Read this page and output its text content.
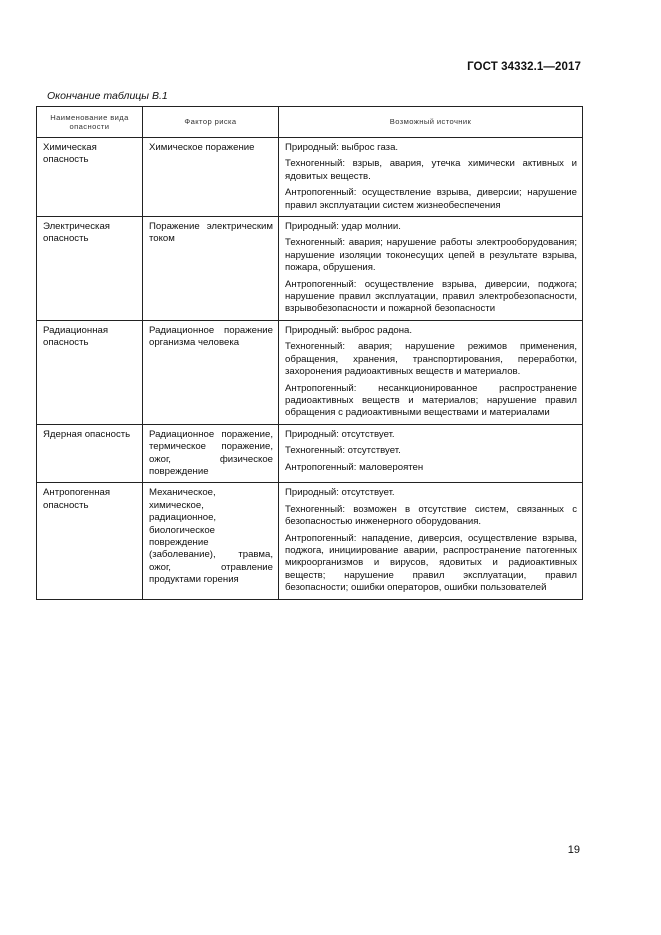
ГОСТ 34332.1—2017
Окончание таблицы В.1
Наименование вида опасности	Фактор риска	Возможный источник
Химическая опасность	Химическое поражение	Природный: выброс газа.

Техногенный: взрыв, авария, утечка химически активных и ядовитых веществ.

Антропогенный: осуществление взрыва, диверсии; нарушение правил эксплуатации систем жизнеобеспечения

Электрическая опасность	Поражение электрическим током	Природный: удар молнии.

Техногенный: авария; нарушение работы электрооборудования; нарушение изоляции токонесущих цепей в результате взрыва, пожара, обрушения.

Антропогенный: осуществление взрыва, диверсии, поджога; нарушение правил эксплуатации, правил электробезопасности, взрывобезопасности и пожарной безопасности

Радиационная опасность	Радиационное поражение организма человека	Природный: выброс радона.

Техногенный: авария; нарушение режимов применения, обращения, хранения, транспортирования, переработки, захоронения радиоактивных веществ и материалов.

Антропогенный: несанкционированное распространение радиоактивных веществ и материалов; нарушение правил обращения с радиоактивными веществами и материалами

Ядерная опасность	Радиационное поражение, термическое поражение, ожог, физическое повреждение	Природный: отсутствует.

Техногенный: отсутствует.

Антропогенный: маловероятен

Антропогенная опасность	Механическое, химическое, радиационное, биологическое повреждение (заболевание), травма, ожог, отравление продуктами горения	Природный: отсутствует.

Техногенный: возможен в отсутствие систем, связанных с безопасностью инженерного оборудования.

Антропогенный: нападение, диверсия, осуществление взрыва, поджога, инициирование аварии, распространение патогенных микроорганизмов и вирусов, ядовитых и радиоактивных веществ; нарушение правил эксплуатации, правил безопасности; ошибки операторов, ошибки пользователей

19
